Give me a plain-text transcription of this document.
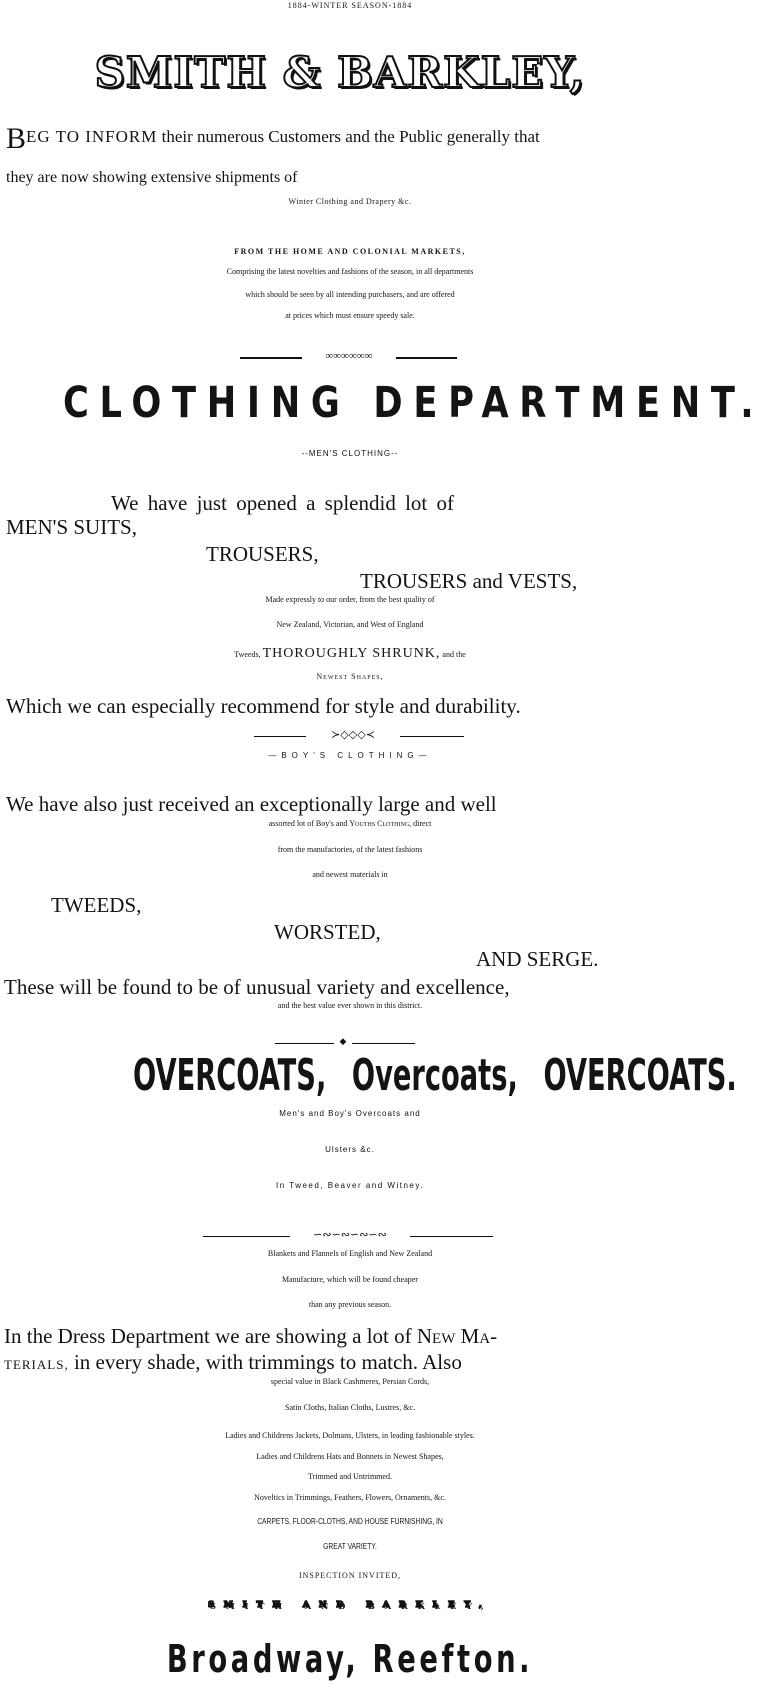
1884-WINTER SEASON-1884
SMITH & BARKLEY,
BEG TO INFORM their numerous Customers and the Public generally that
they are now showing extensive shipments of
Winter Clothing and Drapery &c.
FROM THE HOME AND COLONIAL MARKETS,
Comprising the latest novelties and fashions of the season, in all departments
which should be seen by all intending purchasers, and are offered
at prices which must ensure speedy sale.
∞∞∞∞∞∞
CLOTHING DEPARTMENT.
--MEN'S CLOTHING--
We have just opened a splendid lot of
MEN'S SUITS,
TROUSERS,
TROUSERS and VESTS,
Made expressly to our order, from the best quality of
New Zealand, Victorian, and West of England
Tweeds, THOROUGHLY SHRUNK, and the
Newest Shapes,
Which we can especially recommend for style and durability.
≻◇◇◇≺
—BOY'S CLOTHING—
We have also just received an exceptionally large and well
assorted lot of Boy's and Youths Clothing, direct
from the manufactories, of the latest fashions
and newest materials in
TWEEDS,
WORSTED,
AND SERGE.
These will be found to be of unusual variety and excellence,
and the best value ever shown in this district.
◆
OVERCOATS, Overcoats, OVERCOATS.
Men's and Boy's Overcoats and
Ulsters &c.
In Tweed, Beaver and Witney.
∽∾∽∾∽∾∽∾
Blankets and Flannels of English and New Zealand
Manufacture, which will be found cheaper
than any previous season.
In the Dress Department we are showing a lot of New Ma-
TERIALS, in every shade, with trimmings to match. Also
special value in Black Cashmeres, Persian Cords,
Satin Cloths, Italian Cloths, Lustres, &c.
Ladies and Childrens Jackets, Dolmans, Ulsters, in leading fashionable styles.
Ladies and Childrens Hats and Bonnets in Newest Shapes,
Trimmed and Untrimmed.
Noveltics in Trimmings, Feathers, Flowers, Ornaments, &c.
CARPETS, FLOOR-CLOTHS, AND HOUSE FURNISHING, IN
GREAT VARIETY.
INSPECTION INVITED,
SMITH AND BARKLEY,
Broadway, Reefton.
